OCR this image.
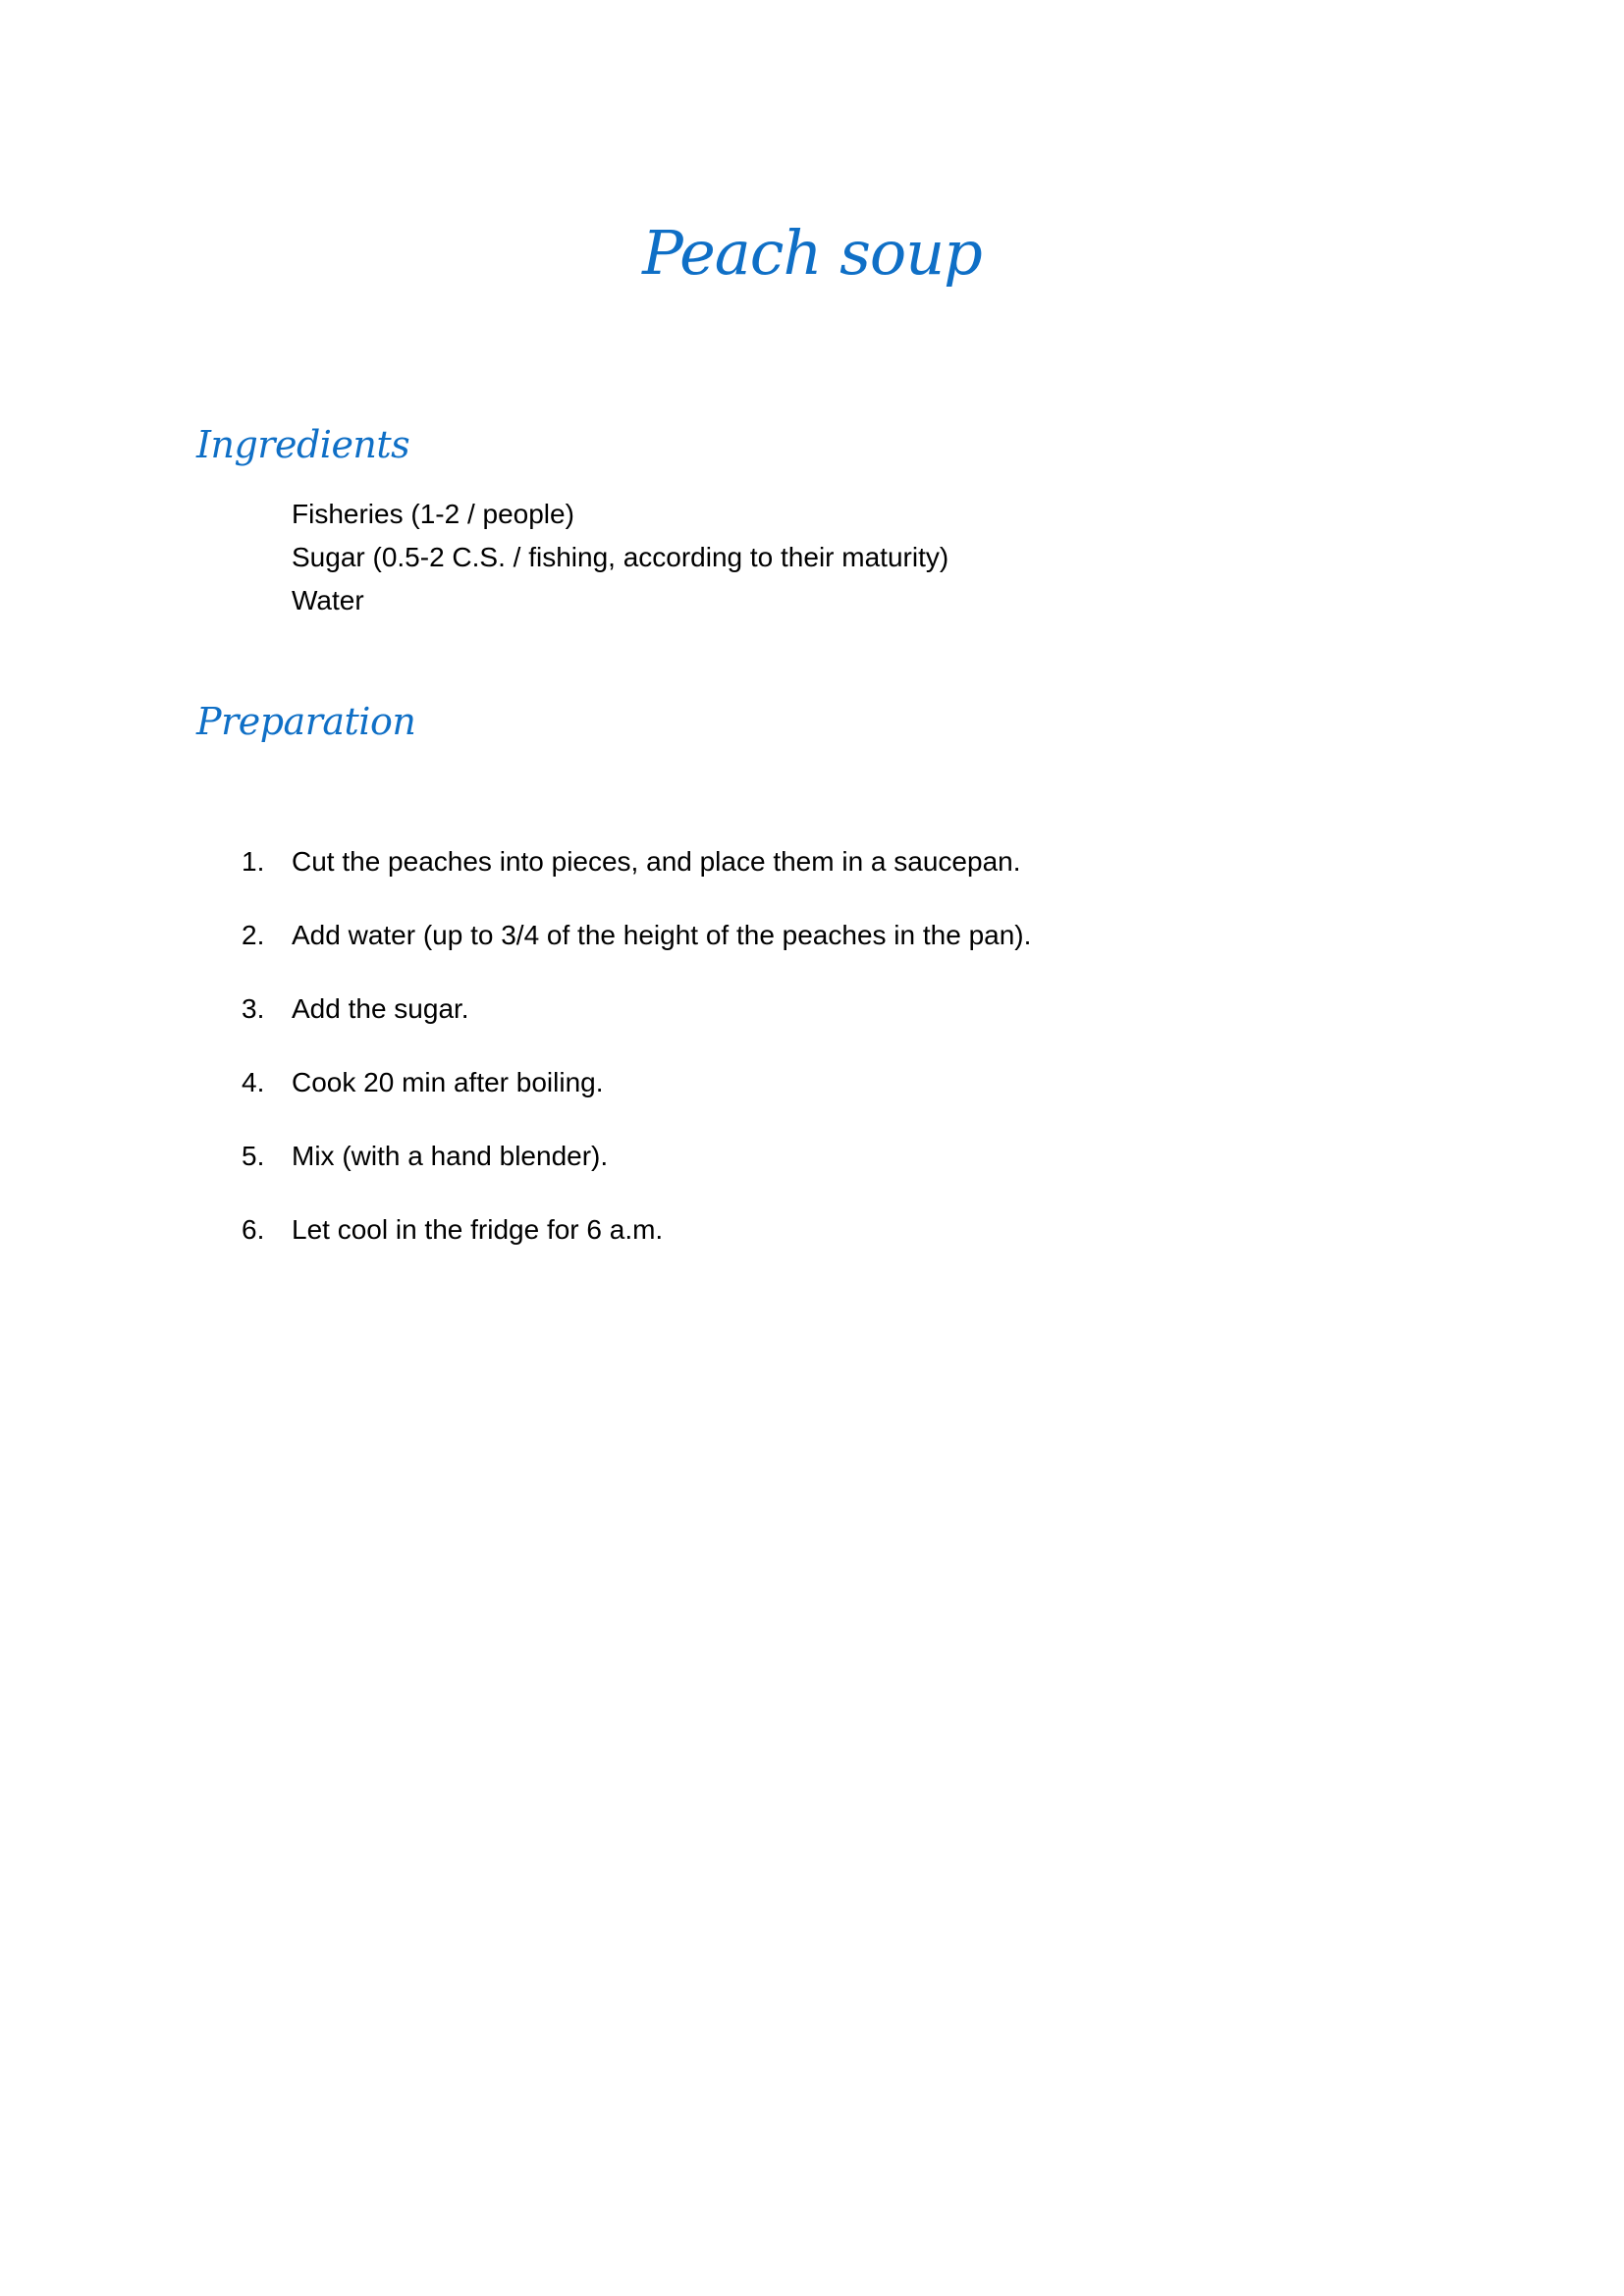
Peach soup
Ingredients
Fisheries (1-2 / people)
Sugar (0.5-2 C.S. / fishing, according to their maturity)
Water
Preparation
1. Cut the peaches into pieces, and place them in a saucepan.
2. Add water (up to 3/4 of the height of the peaches in the pan).
3. Add the sugar.
4. Cook 20 min after boiling.
5. Mix (with a hand blender).
6. Let cool in the fridge for 6 a.m.
